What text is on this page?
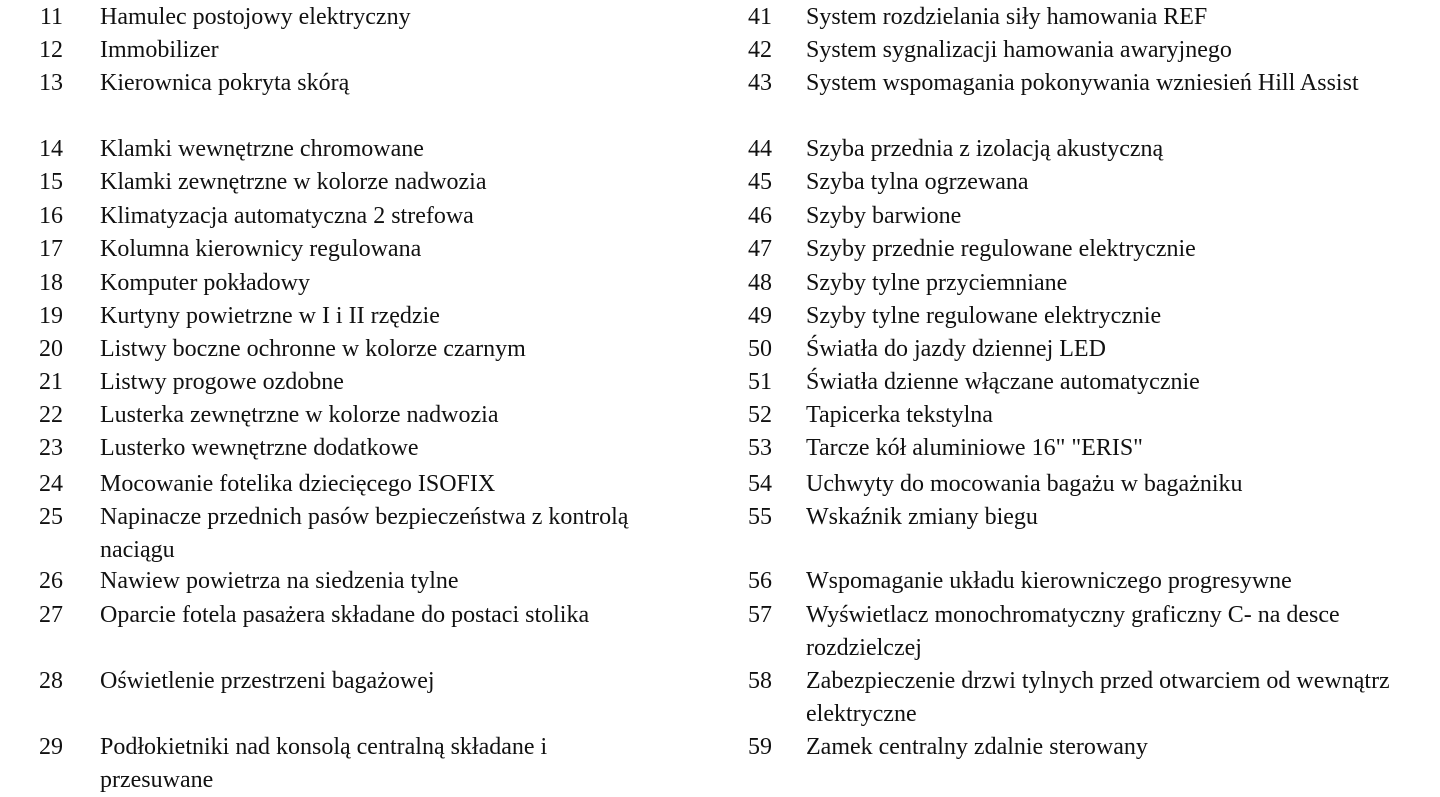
11 Hamulec postojowy elektryczny
12 Immobilizer
13 Kierownica pokryta skórą
14 Klamki wewnętrzne chromowane
15 Klamki zewnętrzne w kolorze nadwozia
16 Klimatyzacja automatyczna 2 strefowa
17 Kolumna kierownicy regulowana
18 Komputer pokładowy
19 Kurtyny powietrzne w I i II rzędzie
20 Listwy boczne ochronne w kolorze czarnym
21 Listwy progowe ozdobne
22 Lusterka zewnętrzne w kolorze nadwozia
23 Lusterko wewnętrzne dodatkowe
24 Mocowanie fotelika dziecięcego ISOFIX
25 Napinacze przednich pasów bezpieczeństwa z kontrolą naciągu
26 Nawiew powietrza na siedzenia tylne
27 Oparcie fotela pasażera składane do postaci stolika
28 Oświetlenie przestrzeni bagażowej
29 Podłokietniki nad konsolą centralną składane i przesuwane
41 System rozdzielania siły hamowania REF
42 System sygnalizacji hamowania awaryjnego
43 System wspomagania pokonywania wzniesień Hill Assist
44 Szyba przednia z izolacją akustyczną
45 Szyba tylna ogrzewana
46 Szyby barwione
47 Szyby przednie regulowane elektrycznie
48 Szyby tylne przyciemniane
49 Szyby tylne regulowane elektrycznie
50 Światła do jazdy dziennej LED
51 Światła dzienne włączane automatycznie
52 Tapicerka tekstylna
53 Tarcze kół aluminiowe 16" "ERIS"
54 Uchwyty do mocowania bagażu w bagażniku
55 Wskaźnik zmiany biegu
56 Wspomaganie układu kierowniczego progresywne
57 Wyświetlacz monochromatyczny graficzny C- na desce rozdzielczej
58 Zabezpieczenie drzwi tylnych przed otwarciem od wewnątrz elektryczne
59 Zamek centralny zdalnie sterowany
